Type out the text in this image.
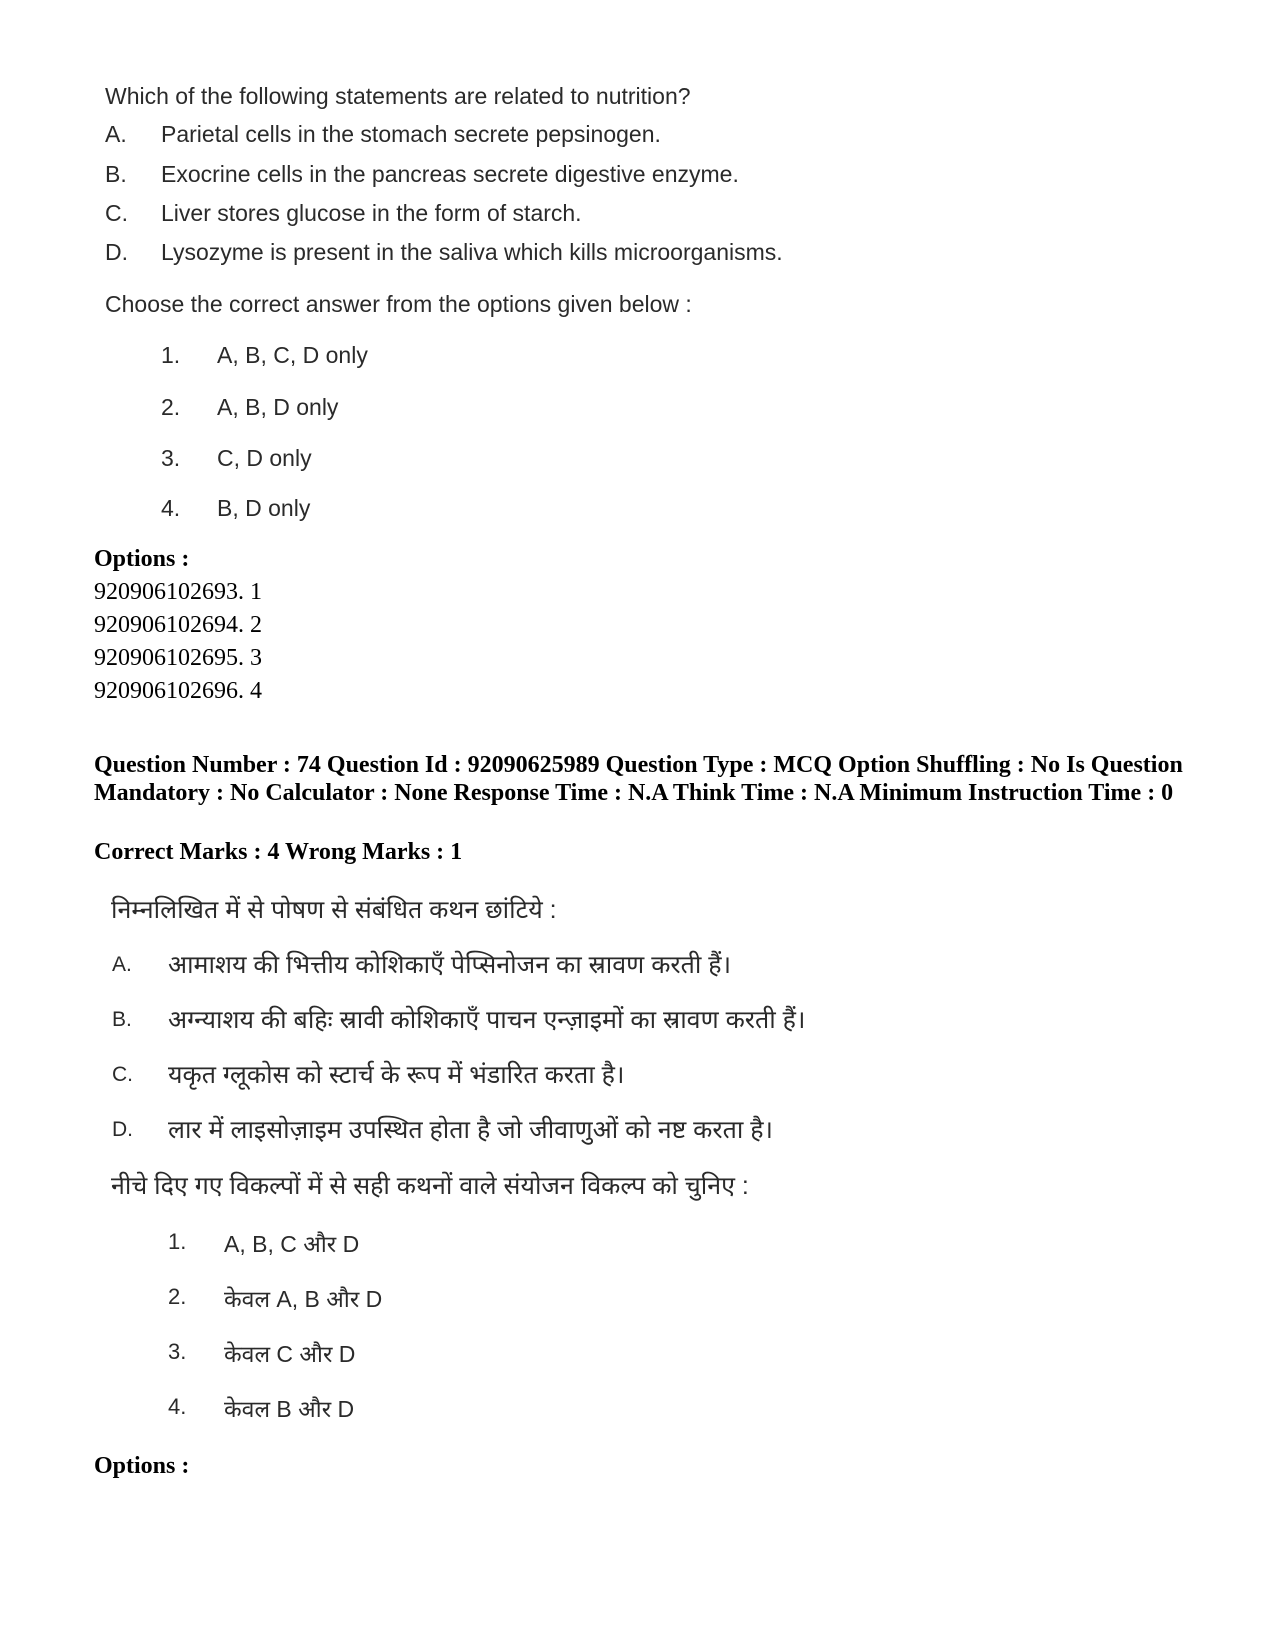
Which of the following statements are related to nutrition?
A. Parietal cells in the stomach secrete pepsinogen.
B. Exocrine cells in the pancreas secrete digestive enzyme.
C. Liver stores glucose in the form of starch.
D. Lysozyme is present in the saliva which kills microorganisms.
Choose the correct answer from the options given below :
1. A, B, C, D only
2. A, B, D only
3. C, D only
4. B, D only
Options :
920906102693. 1
920906102694. 2
920906102695. 3
920906102696. 4
Question Number : 74 Question Id : 92090625989 Question Type : MCQ Option Shuffling : No Is Question Mandatory : No Calculator : None Response Time : N.A Think Time : N.A Minimum Instruction Time : 0
Correct Marks : 4 Wrong Marks : 1
निम्नलिखित में से पोषण से संबंधित कथन छांटिये :
A. आमाशय की भित्तीय कोशिकाएँ पेप्सिनोजन का स्रावण करती हैं।
B. अग्न्याशय की बहिः स्रावी कोशिकाएँ पाचन एन्ज़ाइमों का स्रावण करती हैं।
C. यकृत ग्लूकोस को स्टार्च के रूप में भंडारित करता है।
D. लार में लाइसोज़ाइम उपस्थित होता है जो जीवाणुओं को नष्ट करता है।
नीचे दिए गए विकल्पों में से सही कथनों वाले संयोजन विकल्प को चुनिए :
1. A, B, C और D
2. केवल A, B और D
3. केवल C और D
4. केवल B और D
Options :
